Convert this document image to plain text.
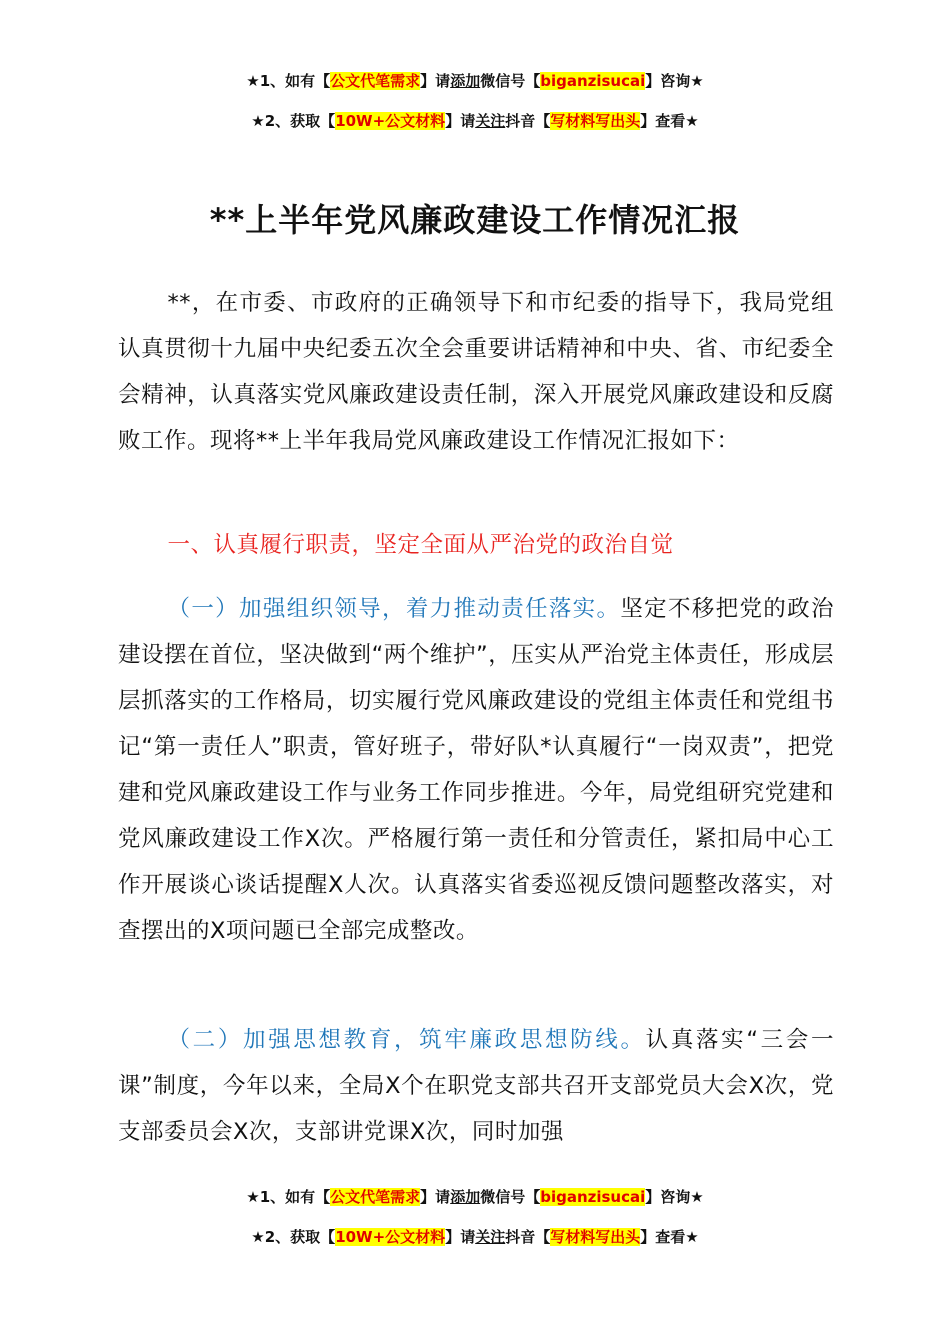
★1、如有【公文代笔需求】请添加微信号【biganzisucai】咨询★
★2、获取【10W+公文材料】请关注抖音【写材料写出头】查看★
**上半年党风廉政建设工作情况汇报

**，在市委、市政府的正确领导下和市纪委的指导下，我局党组认真贯彻十九届中央纪委五次全会重要讲话精神和中央、省、市纪委全会精神，认真落实党风廉政建设责任制，深入开展党风廉政建设和反腐败工作。现将**上半年我局党风廉政建设工作情况汇报如下：

一、认真履行职责，坚定全面从严治党的政治自觉

（一）加强组织领导，着力推动责任落实。坚定不移把党的政治建设摆在首位，坚决做到“两个维护”，压实从严治党主体责任，形成层层抓落实的工作格局，切实履行党风廉政建设的党组主体责任和党组书记“第一责任人”职责，管好班子，带好队*认真履行“一岗双责”，把党建和党风廉政建设工作与业务工作同步推进。今年，局党组研究党建和党风廉政建设工作X次。严格履行第一责任和分管责任，紧扣局中心工作开展谈心谈话提醒X人次。认真落实省委巡视反馈问题整改落实，对查摆出的X项问题已全部完成整改。

（二）加强思想教育，筑牢廉政思想防线。认真落实“三会一课”制度，今年以来，全局X个在职党支部共召开支部党员大会X次，党支部委员会X次，支部讲党课X次，同时加强

★1、如有【公文代笔需求】请添加微信号【biganzisucai】咨询★
★2、获取【10W+公文材料】请关注抖音【写材料写出头】查看★
